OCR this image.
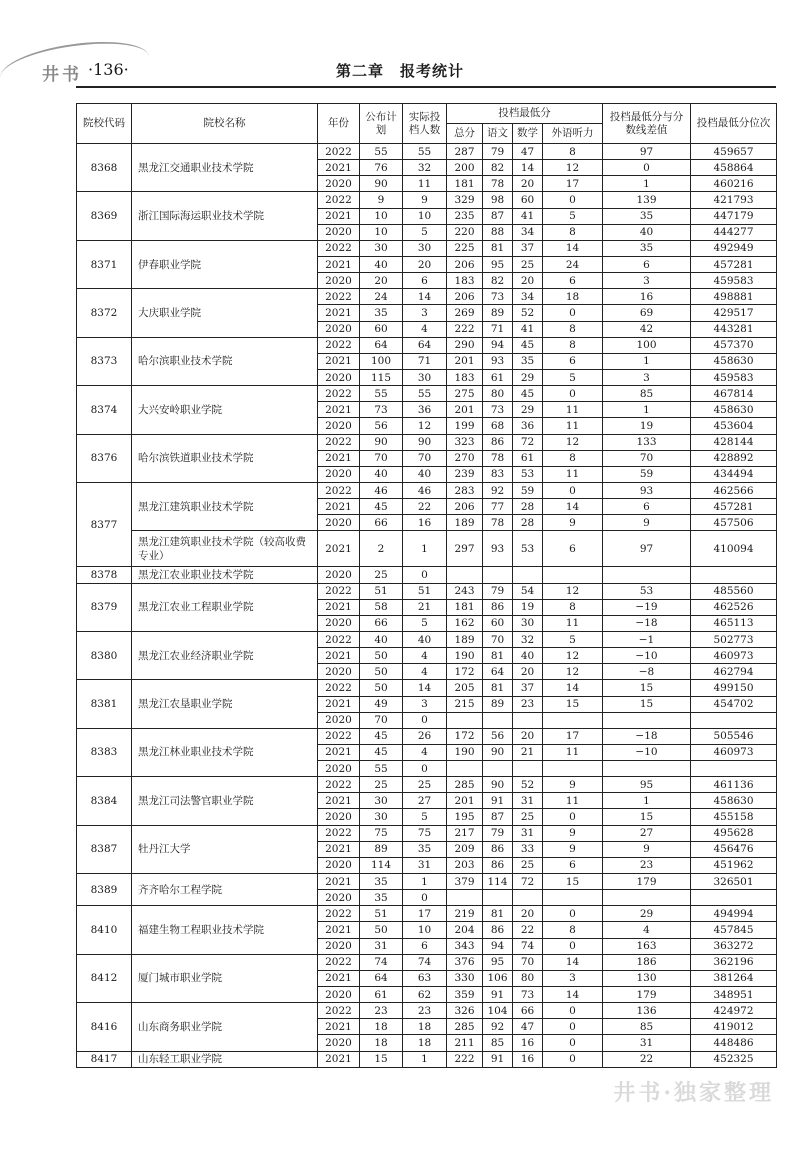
井书 ·136·	第二章　报考统计
院校代码	院校名称	年份	公布计划	实际投档人数	投档最低分				投档最低分与分数线差值	投档最低分位次
					总分	语文	数学	外语听力		
8368	黑龙江交通职业技术学院	2022	55	55	287	79	47	8	97	459657
		2021	76	32	200	82	14	12	0	458864
		2020	90	11	181	78	20	17	1	460216
8369	浙江国际海运职业技术学院	2022	9	9	329	98	60	0	139	421793
		2021	10	10	235	87	41	5	35	447179
		2020	10	5	220	88	34	8	40	444277
8371	伊春职业学院	2022	30	30	225	81	37	14	35	492949
		2021	40	20	206	95	25	24	6	457281
		2020	20	6	183	82	20	6	3	459583
8372	大庆职业学院	2022	24	14	206	73	34	18	16	498881
		2021	35	3	269	89	52	0	69	429517
		2020	60	4	222	71	41	8	42	443281
8373	哈尔滨职业技术学院	2022	64	64	290	94	45	8	100	457370
		2021	100	71	201	93	35	6	1	458630
		2020	115	30	183	61	29	5	3	459583
8374	大兴安岭职业学院	2022	55	55	275	80	45	0	85	467814
		2021	73	36	201	73	29	11	1	458630
		2020	56	12	199	68	36	11	19	453604
8376	哈尔滨铁道职业技术学院	2022	90	90	323	86	72	12	133	428144
		2021	70	70	270	78	61	8	70	428892
		2020	40	40	239	83	53	11	59	434494
8377	黑龙江建筑职业技术学院	2022	46	46	283	92	59	0	93	462566
		2021	45	22	206	77	28	14	6	457281
		2020	66	16	189	78	28	9	9	457506
	黑龙江建筑职业技术学院（较高收费专业）	2021	2	1	297	93	53	6	97	410094
8378	黑龙江农业职业技术学院	2020	25	0						
8379	黑龙江农业工程职业学院	2022	51	51	243	79	54	12	53	485560
		2021	58	21	181	86	19	8	−19	462526
		2020	66	5	162	60	30	11	−18	465113
8380	黑龙江农业经济职业学院	2022	40	40	189	70	32	5	−1	502773
		2021	50	4	190	81	40	12	−10	460973
		2020	50	4	172	64	20	12	−8	462794
8381	黑龙江农垦职业学院	2022	50	14	205	81	37	14	15	499150
		2021	49	3	215	89	23	15	15	454702
		2020	70	0						
8383	黑龙江林业职业技术学院	2022	45	26	172	56	20	17	−18	505546
		2021	45	4	190	90	21	11	−10	460973
		2020	55	0						
8384	黑龙江司法警官职业学院	2022	25	25	285	90	52	9	95	461136
		2021	30	27	201	91	31	11	1	458630
		2020	30	5	195	87	25	0	15	455158
8387	牡丹江大学	2022	75	75	217	79	31	9	27	495628
		2021	89	35	209	86	33	9	9	456476
		2020	114	31	203	86	25	6	23	451962
8389	齐齐哈尔工程学院	2021	35	1	379	114	72	15	179	326501
		2020	35	0						
8410	福建生物工程职业技术学院	2022	51	17	219	81	20	0	29	494994
		2021	50	10	204	86	22	8	4	457845
		2020	31	6	343	94	74	0	163	363272
8412	厦门城市职业学院	2022	74	74	376	95	70	14	186	362196
		2021	64	63	330	106	80	3	130	381264
		2020	61	62	359	91	73	14	179	348951
8416	山东商务职业学院	2022	23	23	326	104	66	0	136	424972
		2021	18	18	285	92	47	0	85	419012
		2020	18	18	211	85	16	0	31	448486
8417	山东轻工职业学院	2021	15	1	222	91	16	0	22	452325
井书·独家整理
